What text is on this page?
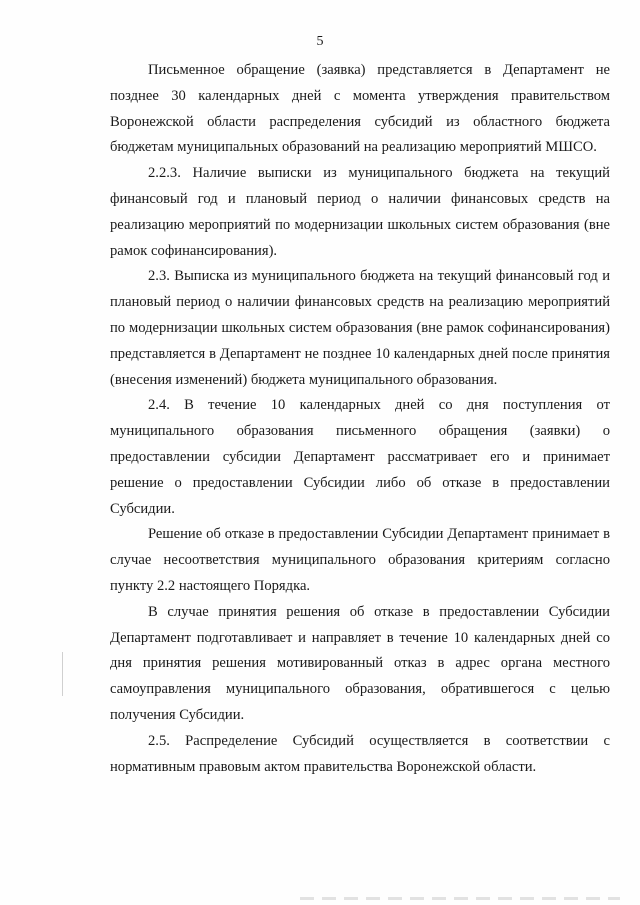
5

Письменное обращение (заявка) представляется в Департамент не позднее 30 календарных дней с момента утверждения правительством Воронежской области распределения субсидий из областного бюджета бюджетам муниципальных образований на реализацию мероприятий МШСО.

2.2.3. Наличие выписки из муниципального бюджета на текущий финансовый год и плановый период о наличии финансовых средств на реализацию мероприятий по модернизации школьных систем образования (вне рамок софинансирования).

2.3. Выписка из муниципального бюджета на текущий финансовый год и плановый период о наличии финансовых средств на реализацию мероприятий по модернизации школьных систем образования (вне рамок софинансирования) представляется в Департамент не позднее 10 календарных дней после принятия (внесения изменений) бюджета муниципального образования.

2.4. В течение 10 календарных дней со дня поступления от муниципального образования письменного обращения (заявки) о предоставлении субсидии Департамент рассматривает его и принимает решение о предоставлении Субсидии либо об отказе в предоставлении Субсидии.

Решение об отказе в предоставлении Субсидии Департамент принимает в случае несоответствия муниципального образования критериям согласно пункту 2.2 настоящего Порядка.

В случае принятия решения об отказе в предоставлении Субсидии Департамент подготавливает и направляет в течение 10 календарных дней со дня принятия решения мотивированный отказ в адрес органа местного самоуправления муниципального образования, обратившегося с целью получения Субсидии.

2.5. Распределение Субсидий осуществляется в соответствии с нормативным правовым актом правительства Воронежской области.
